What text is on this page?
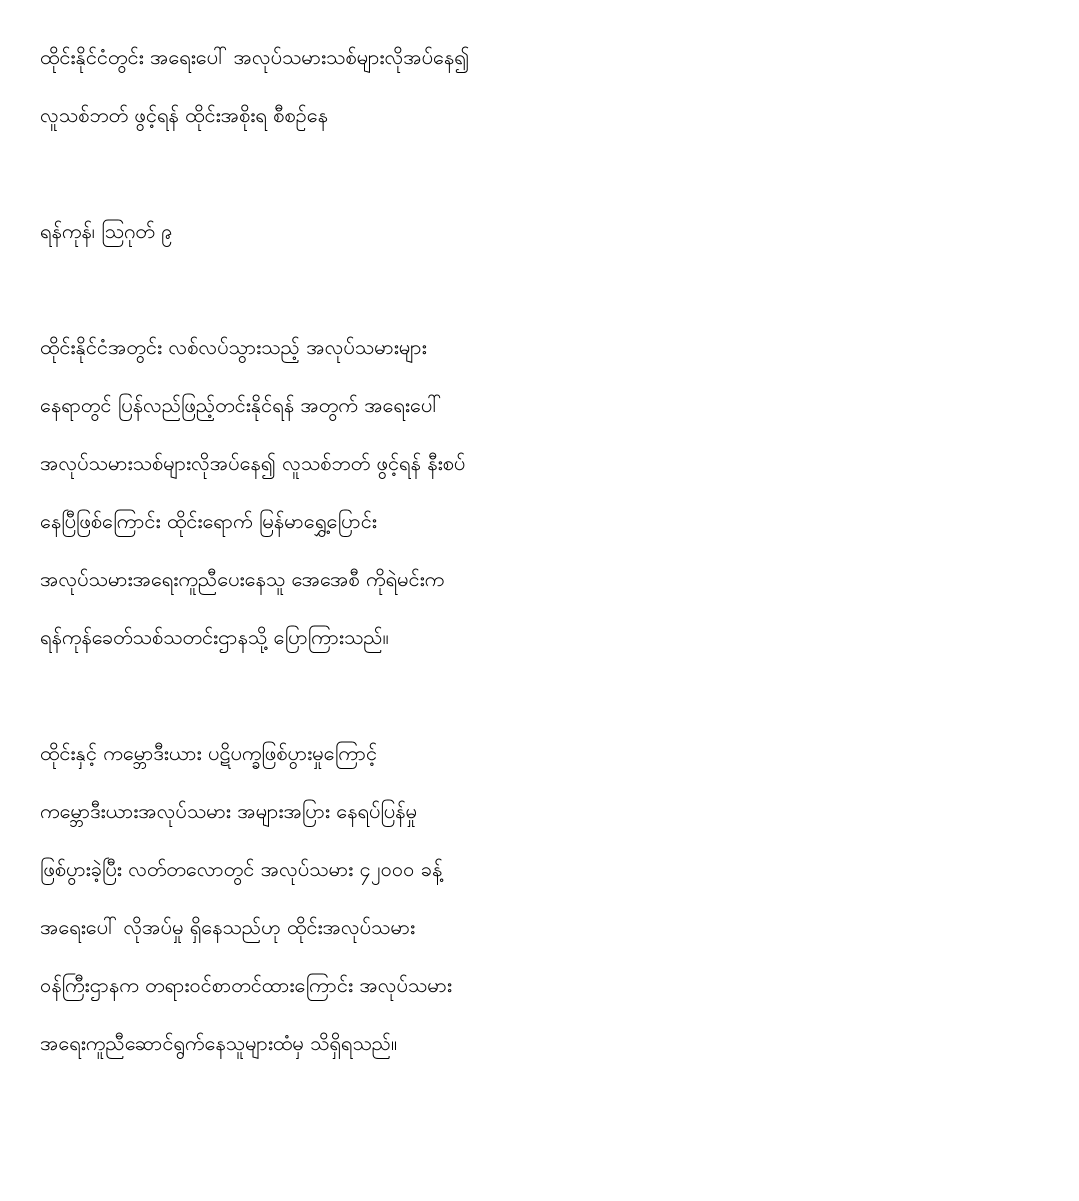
ထိုင်းနိုင်ငံတွင်း အရေးပေါ် အလုပ်သမားသစ်များလိုအပ်နေ၍
လူသစ်ဘတ် ဖွင့်ရန် ထိုင်းအစိုးရ စီစဉ်နေ
ရန်ကုန်၊ ဩဂုတ် ၉
ထိုင်းနိုင်ငံအတွင်း လစ်လပ်သွားသည့် အလုပ်သမားများ
နေရာတွင် ပြန်လည်ဖြည့်တင်းနိုင်ရန် အတွက် အရေးပေါ်
အလုပ်သမားသစ်များလိုအပ်နေ၍ လူသစ်ဘတ် ဖွင့်ရန် နီးစပ်
နေပြီဖြစ်ကြောင်း ထိုင်းရောက် မြန်မာရွှေ့ပြောင်း
အလုပ်သမားအရေးကူညီပေးနေသူ အေအေစီ ကိုရဲမင်းက
ရန်ကုန်ခေတ်သစ်သတင်းဌာနသို့ ပြောကြားသည်။
ထိုင်းနှင့် ကမ္ဘောဒီးယား ပဋိပက္ခဖြစ်ပွားမှုကြောင့်
ကမ္ဘောဒီးယားအလုပ်သမား အများအပြား နေရပ်ပြန်မှု
ဖြစ်ပွားခဲ့ပြီး လတ်တလောတွင် အလုပ်သမား ၄၂၀၀၀ ခန့်
အရေးပေါ် လိုအပ်မှု ရှိနေသည်ဟု ထိုင်းအလုပ်သမား
ဝန်ကြီးဌာနက တရားဝင်စာတင်ထားကြောင်း အလုပ်သမား
အရေးကူညီဆောင်ရွက်နေသူများထံမှ သိရှိရသည်။
